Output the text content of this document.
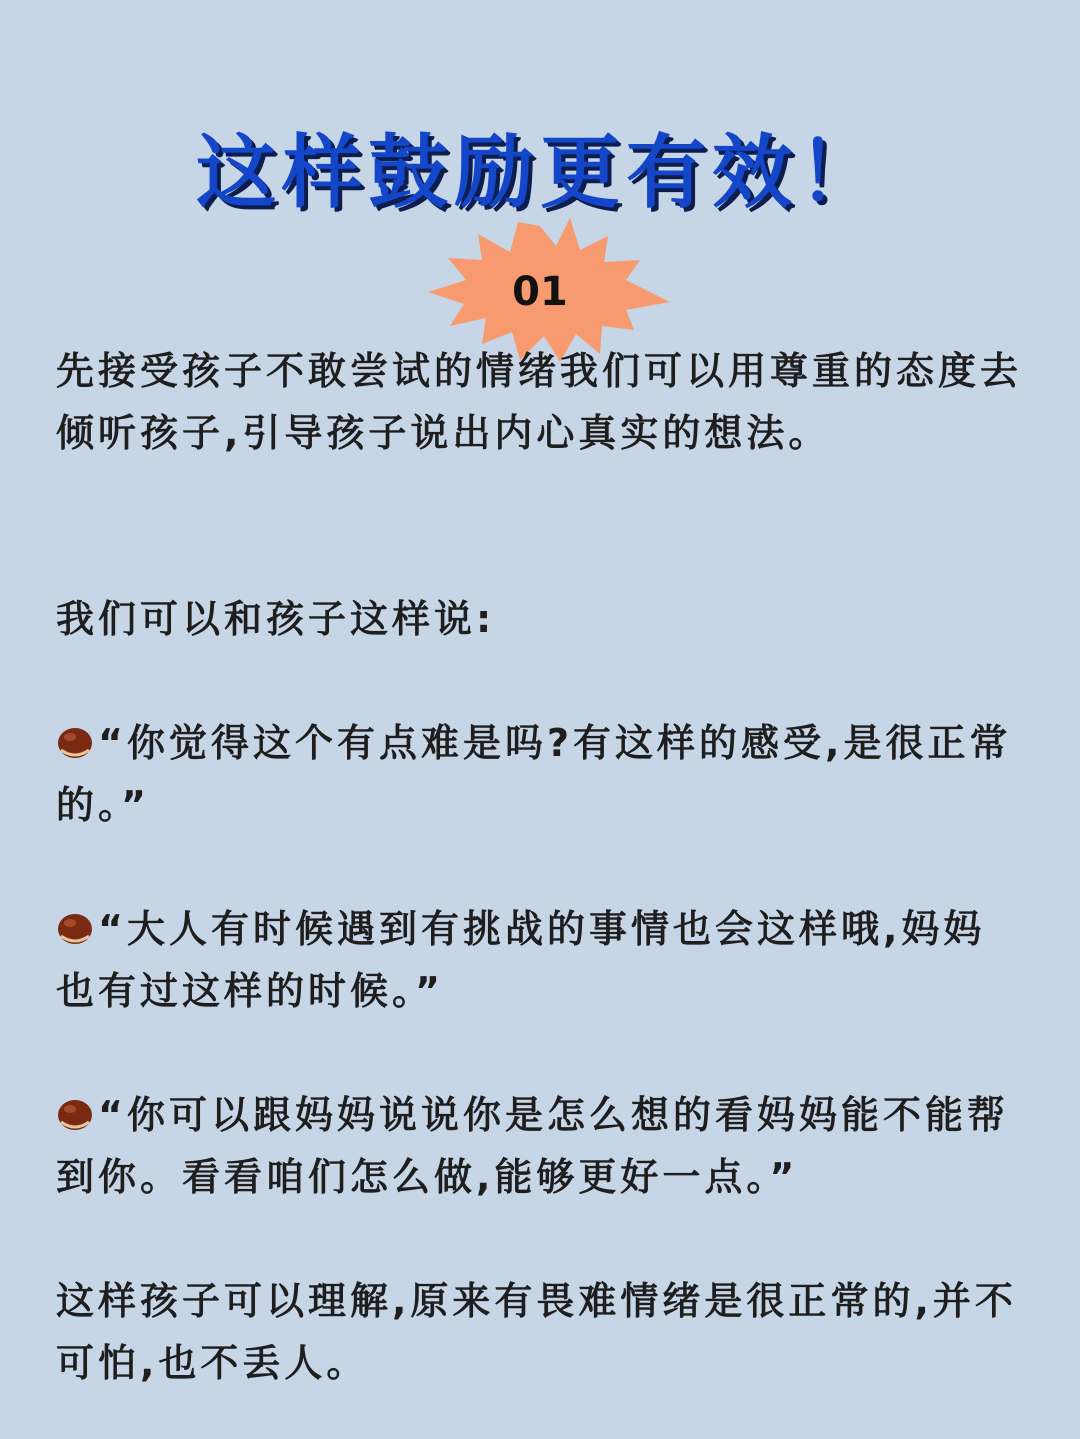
这样鼓励更有效！
01

先接受孩子不敢尝试的情绪我们可以用尊重的态度去倾听孩子,引导孩子说出内心真实的想法。

我们可以和孩子这样说:

“你觉得这个有点难是吗?有这样的感受,是很正常的。”

“大人有时候遇到有挑战的事情也会这样哦,妈妈也有过这样的时候。”

“你可以跟妈妈说说你是怎么想的看妈妈能不能帮到你。看看咱们怎么做,能够更好一点。”

这样孩子可以理解,原来有畏难情绪是很正常的,并不可怕,也不丢人。
